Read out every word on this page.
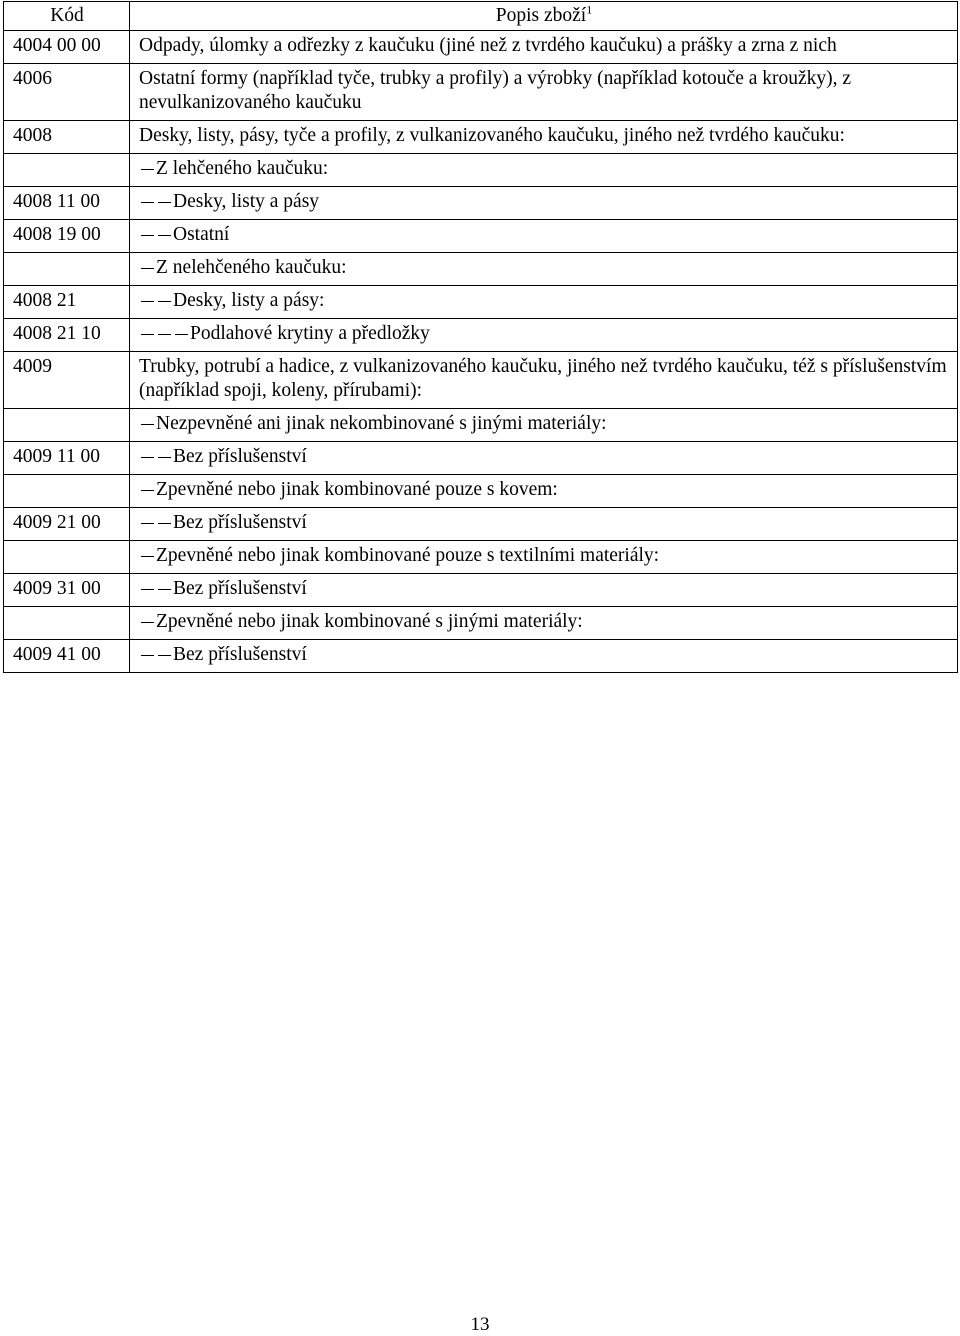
Kód	Popis zboží$^1$
4004 00 00	Odpady, úlomky a odřezky z kaučuku (jiné než z tvrdého kaučuku) a prášky a zrna z nich
4006	Ostatní formy (například tyče, trubky a profily) a výrobky (například kotouče a kroužky), z nevulkanizovaného kaučuku
4008	Desky, listy, pásy, tyče a profily, z vulkanizovaného kaučuku, jiného než tvrdého kaučuku:
	Z lehčeného kaučuku:
4008 11 00	Desky, listy a pásy
4008 19 00	Ostatní
	Z nelehčeného kaučuku:
4008 21	Desky, listy a pásy:
4008 21 10	Podlahové krytiny a předložky
4009	Trubky, potrubí a hadice, z vulkanizovaného kaučuku, jiného než tvrdého kaučuku, též s příslušenstvím (například spoji, koleny, přírubami):
	Nezpevněné ani jinak nekombinované s jinými materiály:
4009 11 00	Bez příslušenství
	Zpevněné nebo jinak kombinované pouze s kovem:
4009 21 00	Bez příslušenství
	Zpevněné nebo jinak kombinované pouze s textilními materiály:
4009 31 00	Bez příslušenství
	Zpevněné nebo jinak kombinované s jinými materiály:
4009 41 00	Bez příslušenství
13
